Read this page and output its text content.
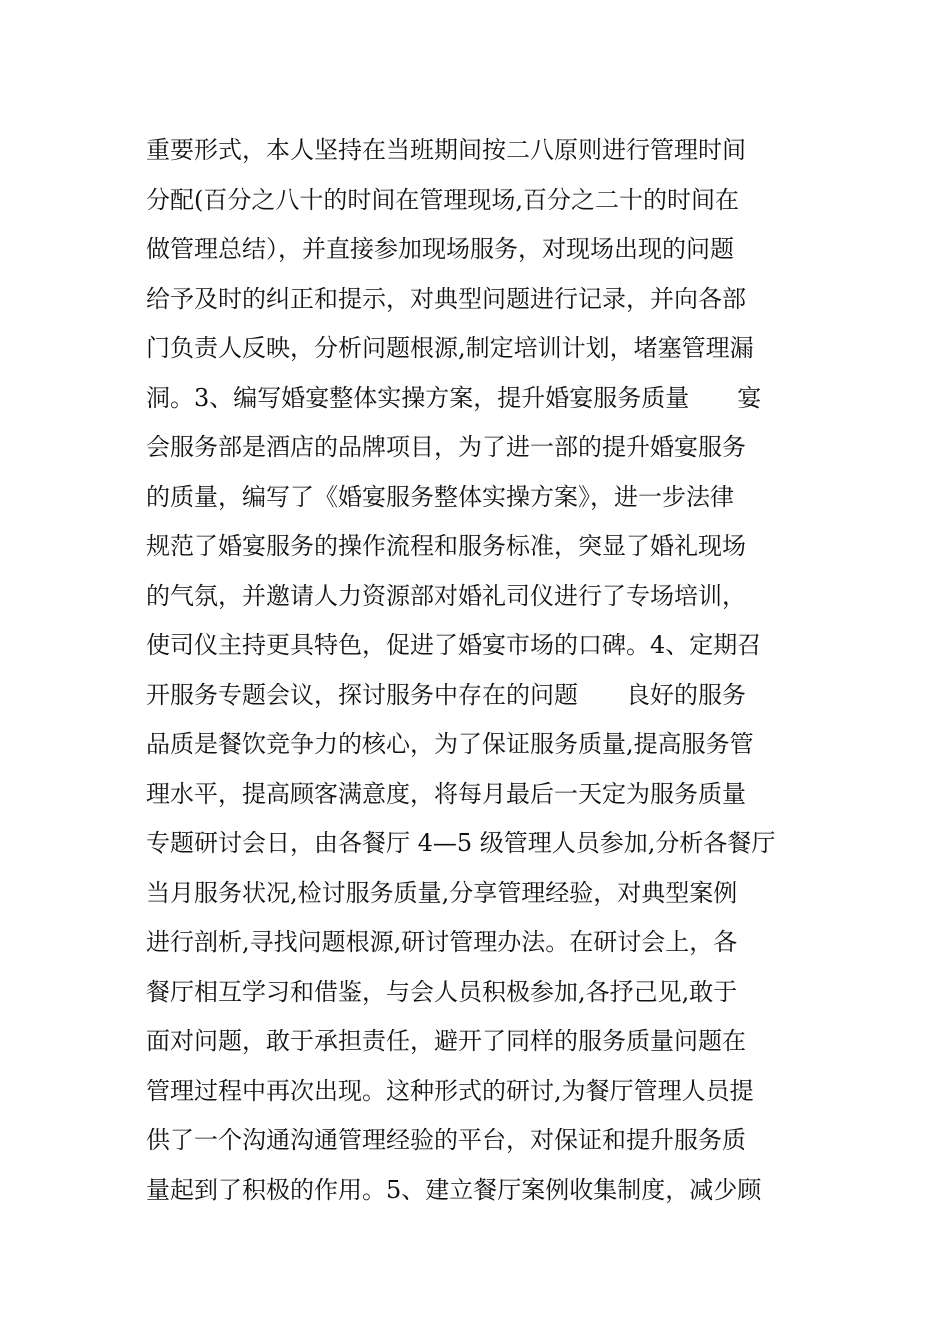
重要形式，本人坚持在当班期间按二八原则进行管理时间
分配(百分之八十的时间在管理现场,百分之二十的时间在
做管理总结），并直接参加现场服务，对现场出现的问题
给予及时的纠正和提示，对典型问题进行记录，并向各部
门负责人反映，分析问题根源,制定培训计划，堵塞管理漏
洞。3、编写婚宴整体实操方案，提升婚宴服务质量　　宴
会服务部是酒店的品牌项目，为了进一部的提升婚宴服务
的质量，编写了《婚宴服务整体实操方案》，进一步法律
规范了婚宴服务的操作流程和服务标准，突显了婚礼现场
的气氛，并邀请人力资源部对婚礼司仪进行了专场培训，
使司仪主持更具特色，促进了婚宴市场的口碑。4、定期召
开服务专题会议，探讨服务中存在的问题　　良好的服务
品质是餐饮竞争力的核心，为了保证服务质量,提高服务管
理水平，提高顾客满意度，将每月最后一天定为服务质量
专题研讨会日，由各餐厅 4—5 级管理人员参加,分析各餐厅
当月服务状况,检讨服务质量,分享管理经验，对典型案例
进行剖析,寻找问题根源,研讨管理办法。在研讨会上，各
餐厅相互学习和借鉴，与会人员积极参加,各抒己见,敢于
面对问题，敢于承担责任，避开了同样的服务质量问题在
管理过程中再次出现。这种形式的研讨,为餐厅管理人员提
供了一个沟通沟通管理经验的平台，对保证和提升服务质
量起到了积极的作用。5、建立餐厅案例收集制度，减少顾
